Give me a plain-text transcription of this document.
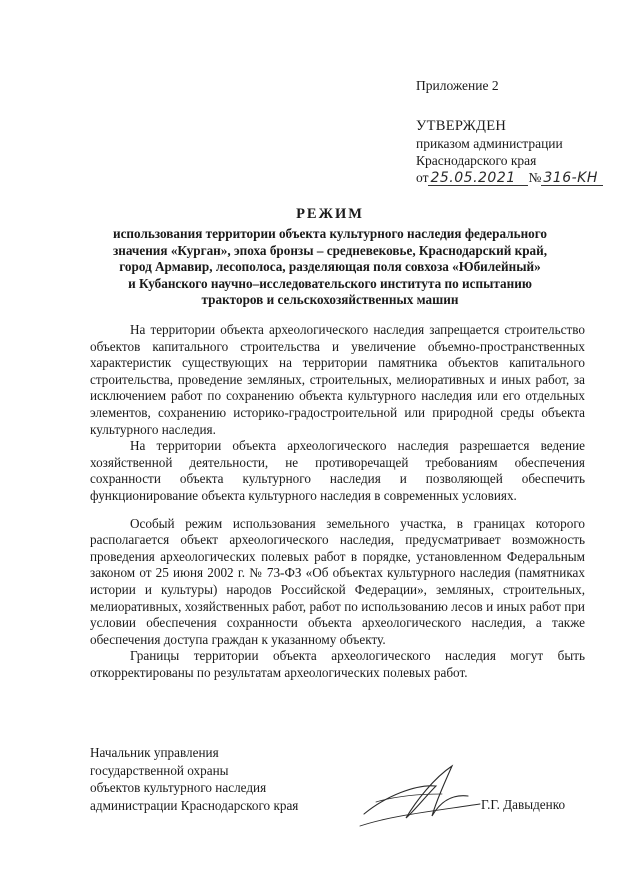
Приложение 2
УТВЕРЖДЕН
приказом администрации
Краснодарского края
от 25.05.2021 № 316-KH
РЕЖИМ
использования территории объекта культурного наследия федерального
значения «Курган», эпоха бронзы – средневековье, Краснодарский край,
город Армавир, лесополоса, разделяющая поля совхоза «Юбилейный»
и Кубанского научно–исследовательского института по испытанию
тракторов и сельскохозяйственных машин

На территории объекта археологического наследия запрещается строительство объектов капитального строительства и увеличение объемно-пространственных характеристик существующих на территории памятника объектов капитального строительства, проведение земляных, строительных, мелиоративных и иных работ, за исключением работ по сохранению объекта культурного наследия или его отдельных элементов, сохранению историко-градостроительной или природной среды объекта культурного наследия.

На территории объекта археологического наследия разрешается ведение хозяйственной деятельности, не противоречащей требованиям обеспечения сохранности объекта культурного наследия и позволяющей обеспечить функционирование объекта культурного наследия в современных условиях.

Особый режим использования земельного участка, в границах которого располагается объект археологического наследия, предусматривает возможность проведения археологических полевых работ в порядке, установленном Федеральным законом от 25 июня 2002 г. № 73-ФЗ «Об объектах культурного наследия (памятниках истории и культуры) народов Российской Федерации», земляных, строительных, мелиоративных, хозяйственных работ, работ по использованию лесов и иных работ при условии обеспечения сохранности объекта археологического наследия, а также обеспечения доступа граждан к указанному объекту.

Границы территории объекта археологического наследия могут быть откорректированы по результатам археологических полевых работ.

Начальник управления
государственной охраны
объектов культурного наследия
администрации Краснодарского края	Г.Г. Давыденко
